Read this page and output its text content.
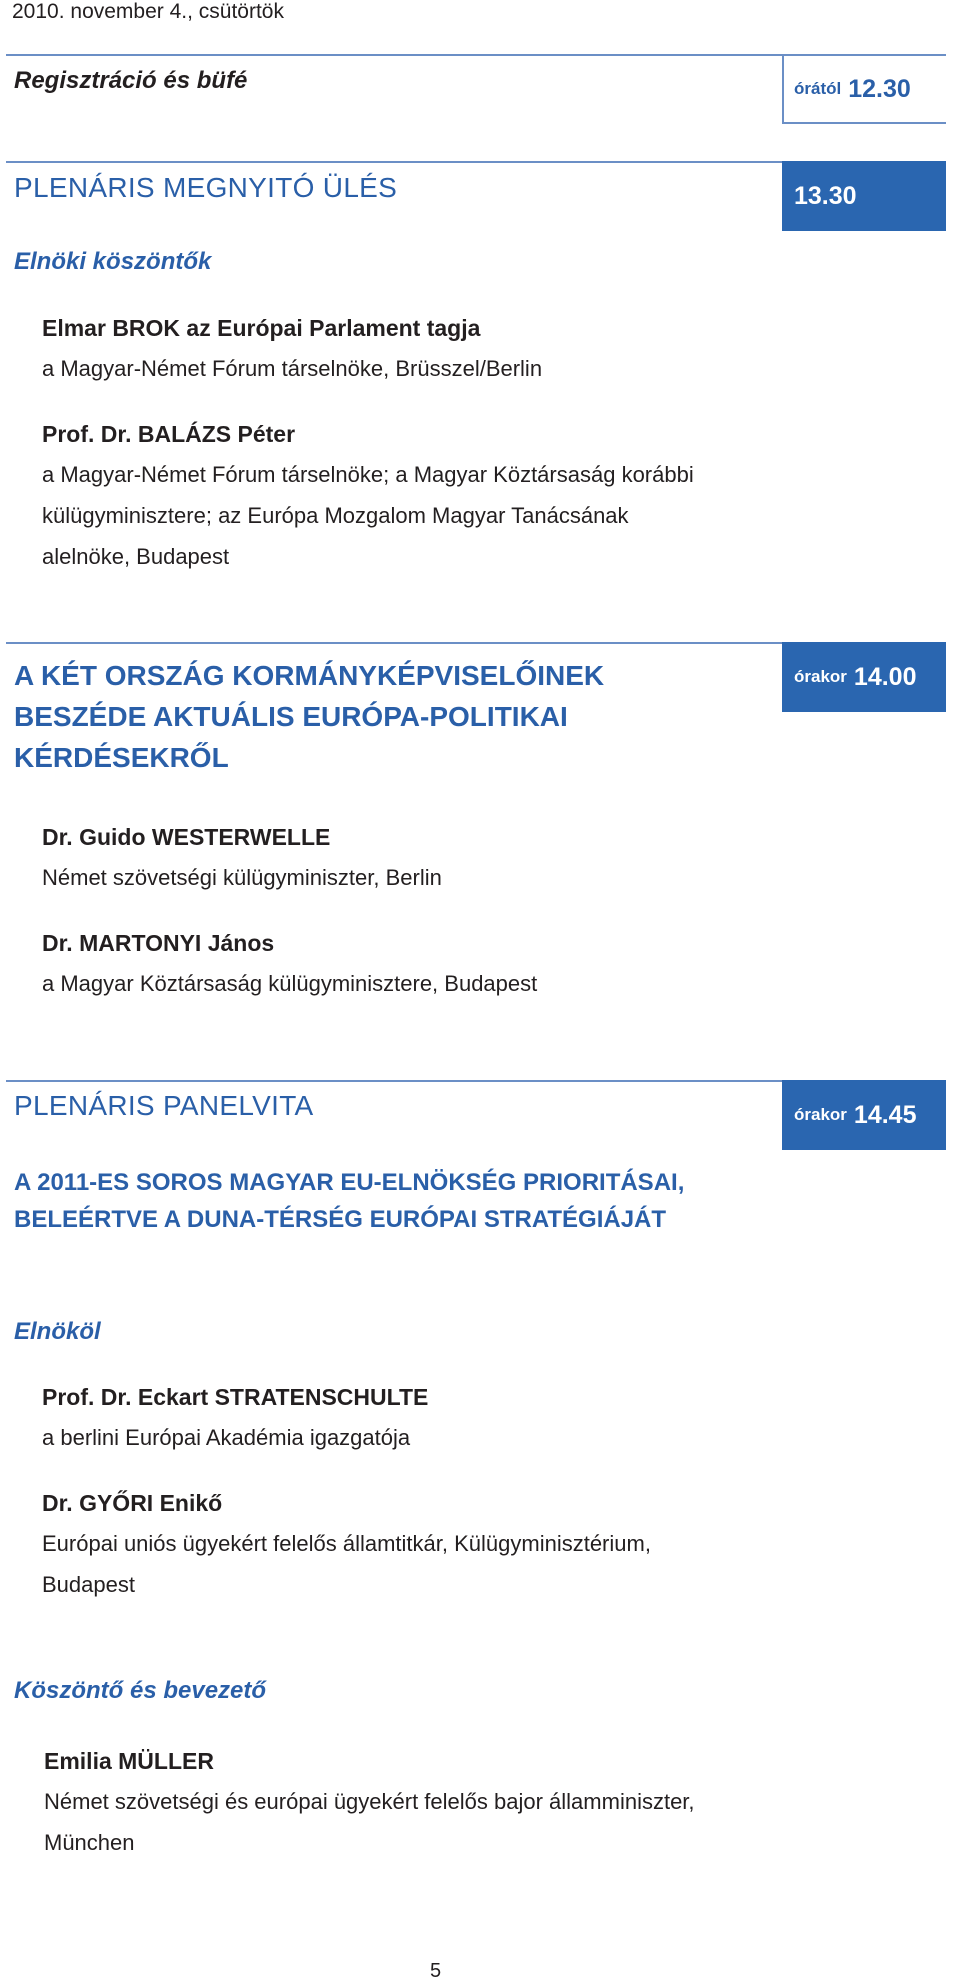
2010. november 4., csütörtök
Regisztráció és büfé	órától 12.30
13.30
PLENÁRIS MEGNYITÓ ÜLÉS
Elnöki köszöntők
Elmar BROK az Európai Parlament tagja
a Magyar-Német Fórum társelnöke, Brüsszel/Berlin
Prof. Dr. BALÁZS Péter
a Magyar-Német Fórum társelnöke; a Magyar Köztársaság korábbi
külügyminisztere; az Európa Mozgalom Magyar Tanácsának
alelnöke, Budapest
órakor 14.00
A KÉT ORSZÁG KORMÁNYKÉPVISELŐINEK
BESZÉDE AKTUÁLIS EURÓPA-POLITIKAI
KÉRDÉSEKRŐL
Dr. Guido WESTERWELLE
Német szövetségi külügyminiszter, Berlin
Dr. MARTONYI János
a Magyar Köztársaság külügyminisztere, Budapest
órakor 14.45
PLENÁRIS PANELVITA
A 2011-ES SOROS MAGYAR EU-ELNÖKSÉG PRIORITÁSAI,
BELEÉRTVE A DUNA-TÉRSÉG EURÓPAI STRATÉGIÁJÁT
Elnököl
Prof. Dr. Eckart STRATENSCHULTE
a berlini Európai Akadémia igazgatója
Dr. GYŐRI Enikő
Európai uniós ügyekért felelős államtitkár, Külügyminisztérium,
Budapest
Köszöntő és bevezető
Emilia MÜLLER
Német szövetségi és európai ügyekért felelős bajor államminiszter,
München
5
